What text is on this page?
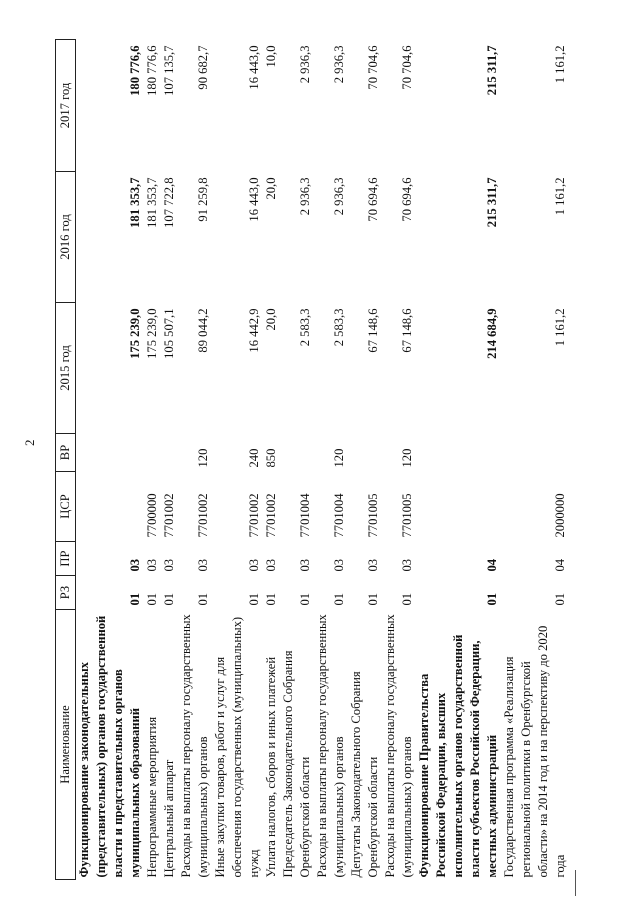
2
Наименование	РЗ	ПР	ЦСР	ВР	2015 год	2016 год	2017 год
Функционирование законодательных (представительных) органов государственной власти и представительных органов муниципальных образований	01	03			175 239,0	181 353,7	180 776,6
Непрограммные мероприятия	01	03	7700000		175 239,0	181 353,7	180 776,6
Центральный аппарат	01	03	7701002		105 507,1	107 722,8	107 135,7
Расходы на выплаты персоналу государственных (муниципальных) органов	01	03	7701002	120	89 044,2	91 259,8	90 682,7
Иные закупки товаров, работ и услуг для обеспечения государственных (муниципальных) нужд	01	03	7701002	240	16 442,9	16 443,0	16 443,0
Уплата налогов, сборов и иных платежей	01	03	7701002	850	20,0	20,0	10,0
Председатель Законодательного Собрания Оренбургской области	01	03	7701004		2 583,3	2 936,3	2 936,3
Расходы на выплаты персоналу государственных (муниципальных) органов	01	03	7701004	120	2 583,3	2 936,3	2 936,3
Депутаты Законодательного Собрания Оренбургской области	01	03	7701005		67 148,6	70 694,6	70 704,6
Расходы на выплаты персоналу государственных (муниципальных) органов	01	03	7701005	120	67 148,6	70 694,6	70 704,6
Функционирование Правительства Российской Федерации, высших исполнительных органов государственной власти субъектов Российской Федерации, местных администраций	01	04			214 684,9	215 311,7	215 311,7
Государственная программа «Реализация региональной политики в Оренбургской области» на 2014 год и на перспективу до 2020 года	01	04	2000000		1 161,2	1 161,2	1 161,2
